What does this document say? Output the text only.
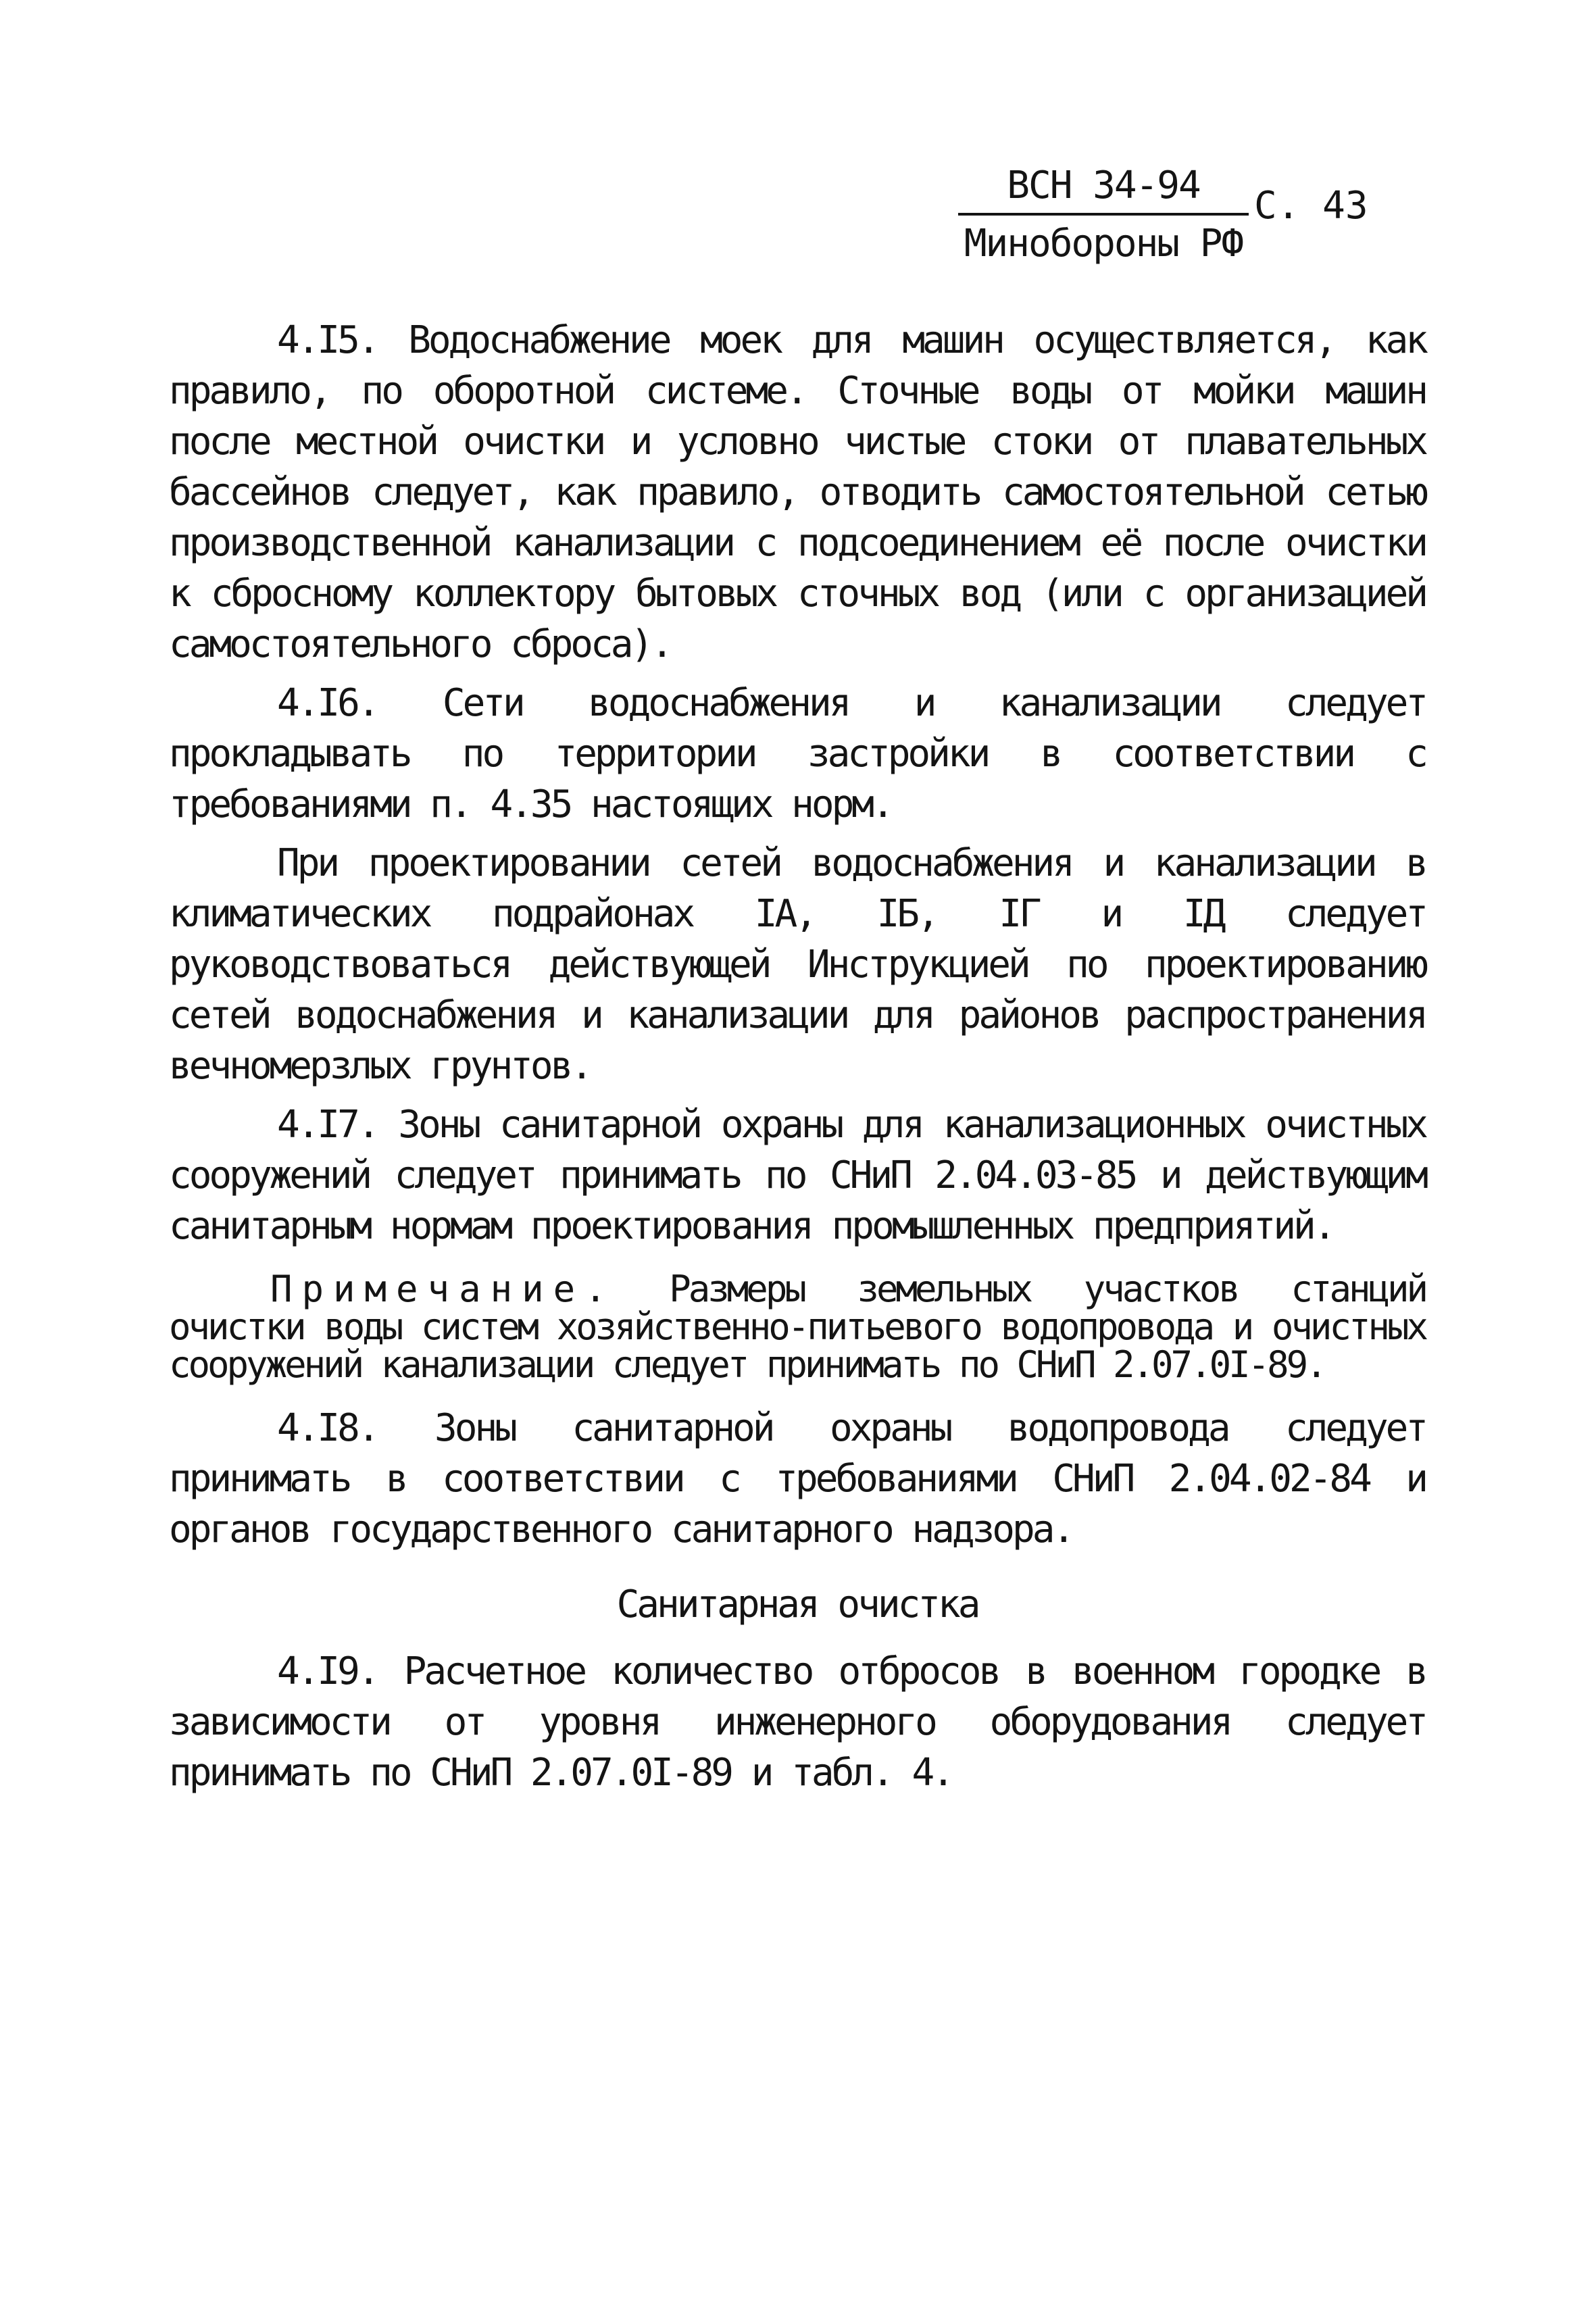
ВСН 34-94	С. 43
Минобороны РФ

4.I5. Водоснабжение моек для машин осуществляется, как правило, по оборотной системе. Сточные воды от мойки машин после местной очистки и условно чистые стоки от плавательных бассейнов следует, как правило, отводить самостоятельной сетью производственной канализации с подсоединением её после очистки к сбросному коллектору бытовых сточных вод (или с организацией самостоятельного сброса).

4.I6. Сети водоснабжения и канализации следует прокладывать по территории застройки в соответствии с требованиями п. 4.35 настоящих норм.

При проектировании сетей водоснабжения и канализации в климатических подрайонах IА, IБ, IГ и IД следует руководствоваться действующей Инструкцией по проектированию сетей водоснабжения и канализации для районов распространения вечномерзлых грунтов.

4.I7. Зоны санитарной охраны для канализационных очистных сооружений следует принимать по СНиП 2.04.03-85 и действующим санитарным нормам проектирования промышленных предприятий.

Примечание. Размеры земельных участков станций очистки воды систем хозяйственно-питьевого водопровода и очистных сооружений канализации следует принимать по СНиП 2.07.0I-89.

4.I8. Зоны санитарной охраны водопровода следует принимать в соответствии с требованиями СНиП 2.04.02-84 и органов государственного санитарного надзора.

Санитарная очистка

4.I9. Расчетное количество отбросов в военном городке в зависимости от уровня инженерного оборудования следует принимать по СНиП 2.07.0I-89 и табл. 4.
